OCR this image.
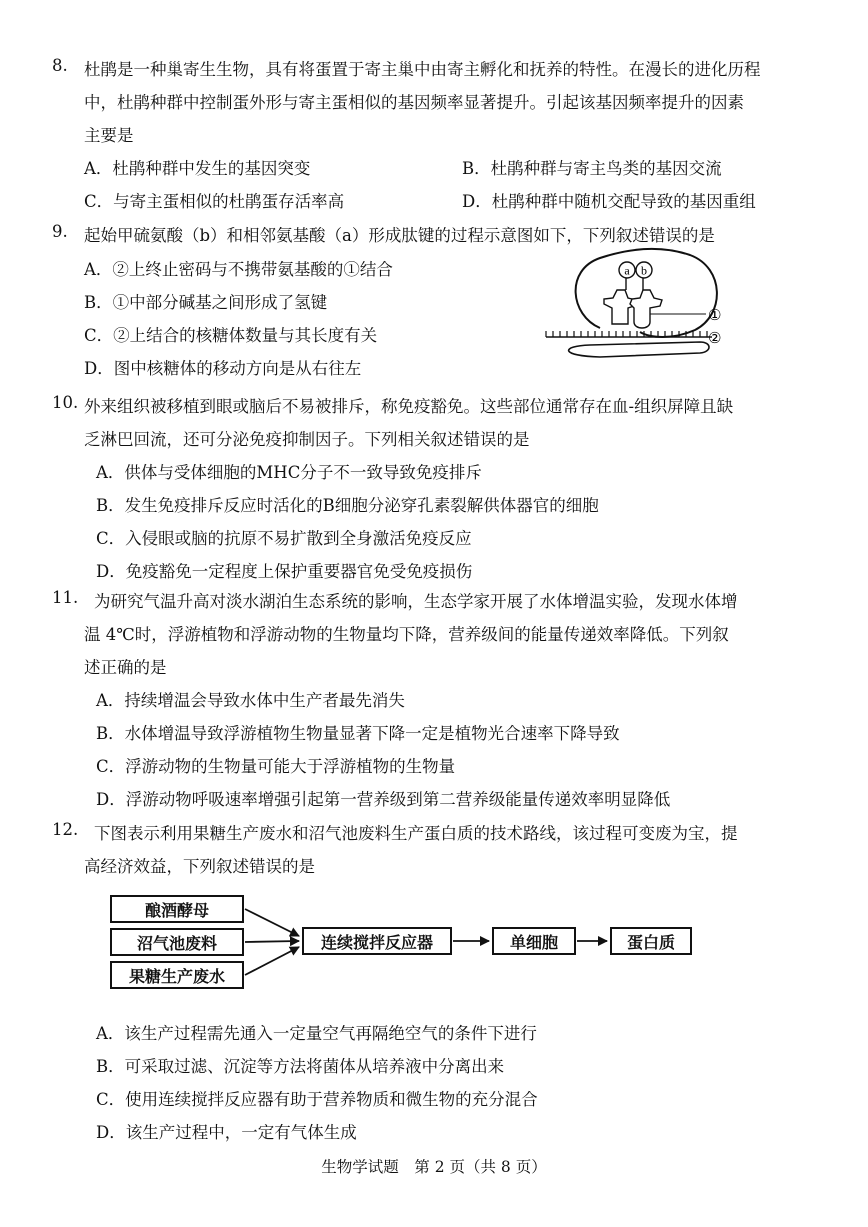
8. 杜鹃是一种巢寄生生物，具有将蛋置于寄主巢中由寄主孵化和抚养的特性。在漫长的进化历程
中，杜鹃种群中控制蛋外形与寄主蛋相似的基因频率显著提升。引起该基因频率提升的因素
主要是
A．杜鹃种群中发生的基因突变	B．杜鹃种群与寄主鸟类的基因交流
C．与寄主蛋相似的杜鹃蛋存活率高	D．杜鹃种群中随机交配导致的基因重组
9. 起始甲硫氨酸（b）和相邻氨基酸（a）形成肽键的过程示意图如下，下列叙述错误的是
A．②上终止密码与不携带氨基酸的①结合
B．①中部分碱基之间形成了氢键
C．②上结合的核糖体数量与其长度有关
D．图中核糖体的移动方向是从右往左
a b
①
②
10. 外来组织被移植到眼或脑后不易被排斥，称免疫豁免。这些部位通常存在血-组织屏障且缺
乏淋巴回流，还可分泌免疫抑制因子。下列相关叙述错误的是
A．供体与受体细胞的MHC分子不一致导致免疫排斥
B．发生免疫排斥反应时活化的B细胞分泌穿孔素裂解供体器官的细胞
C．入侵眼或脑的抗原不易扩散到全身激活免疫反应
D．免疫豁免一定程度上保护重要器官免受免疫损伤
11. 为研究气温升高对淡水湖泊生态系统的影响，生态学家开展了水体增温实验，发现水体增
温 4℃时，浮游植物和浮游动物的生物量均下降，营养级间的能量传递效率降低。下列叙
述正确的是
A．持续增温会导致水体中生产者最先消失
B．水体增温导致浮游植物生物量显著下降一定是植物光合速率下降导致
C．浮游动物的生物量可能大于浮游植物的生物量
D．浮游动物呼吸速率增强引起第一营养级到第二营养级能量传递效率明显降低
12. 下图表示利用果糖生产废水和沼气池废料生产蛋白质的技术路线，该过程可变废为宝，提
高经济效益，下列叙述错误的是
酿酒酵母
沼气池废料
果糖生产废水
连续搅拌反应器	单细胞	蛋白质
A．该生产过程需先通入一定量空气再隔绝空气的条件下进行
B．可采取过滤、沉淀等方法将菌体从培养液中分离出来
C．使用连续搅拌反应器有助于营养物质和微生物的充分混合
D．该生产过程中，一定有气体生成
生物学试题　第 2 页（共 8 页）
